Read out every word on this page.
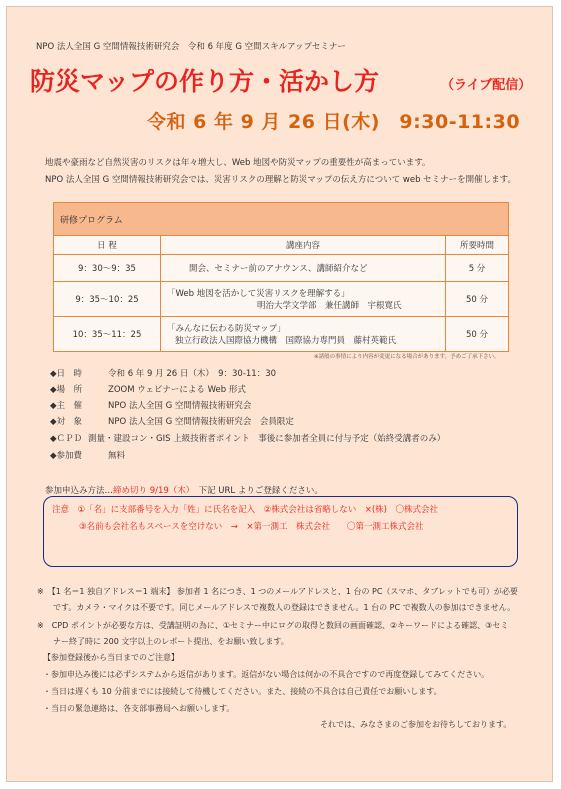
NPO 法人全国 G 空間情報技術研究会　令和 6 年度 G 空間スキルアップセミナー
防災マップの作り方・活かし方	（ライブ配信）
令和 6 年 9 月 26 日(木)　9:30-11:30
地震や豪雨など自然災害のリスクは年々増大し、Web 地図や防災マップの重要性が高まっています。
NPO 法人全国 G 空間情報技術研究会では、災害リスクの理解と防災マップの伝え方について web セミナーを開催します。
研修プログラム		
日 程	講座内容	所要時間
9：30〜9：35	開会、セミナー前のアナウンス、講師紹介など	5 分
9：35〜10：25	「Web 地図を活かして災害リスクを理解する」
明治大学文学部　兼任講師　宇根寛氏	50 分
10：35〜11：25	「みんなに伝わる防災マップ」
独立行政法人国際協力機構　国際協力専門員　藤村英範氏	50 分
※諸般の事情により内容が変更になる場合があります。予めご了承下さい。
◆日　時	令和 6 年 9 月 26 日（木）　9：30-11：30
◆場　所	ZOOM ウェビナーによる Web 形式
◆主　催	NPO 法人全国 G 空間情報技術研究会
◆対　象	NPO 法人全国 G 空間情報技術研究会　会員限定
◆ＣＰＤ 測量・建設コン・GIS 上級技術者ポイント　事後に参加者全員に付与予定（始終受講者のみ）
◆参加費	無料
参加申込み方法…締め切り 9/19（木）　下記 URL よりご登録ください。
注意　①「名」に支部番号を入力「姓」に氏名を記入　②株式会社は省略しない　×(株)　〇株式会社
③名前も会社名もスペースを空けない　→　×第一測工　株式会社　　〇第一測工株式会社
※　【1 名＝1 独自アドレス＝1 端末】 参加者 1 名につき、1 つのメールアドレスと、1 台の PC（スマホ、タブレットでも可）が必要
　　です。カメラ・マイクは不要です。同じメールアドレスで複数人の登録はできません。1 台の PC で複数人の参加はできません。
※　CPD ポイントが必要な方は、受講証明の為に、①セミナー中にログの取得と数回の画面確認、②キーワードによる確認、③セミ
　　ナー終了時に 200 文字以上のレポート提出、をお願い致します。
【参加登録後から当日までのご注意】
・参加申込み後には必ずシステムから返信があります。返信がない場合は何かの不具合ですので再度登録してみてください。
・当日は遅くも 10 分前までには接続して待機してください。また、接続の不具合は自己責任でお願いします。
・当日の緊急連絡は、各支部事務局へお願いします。
それでは、みなさまのご参加をお待ちしております。
